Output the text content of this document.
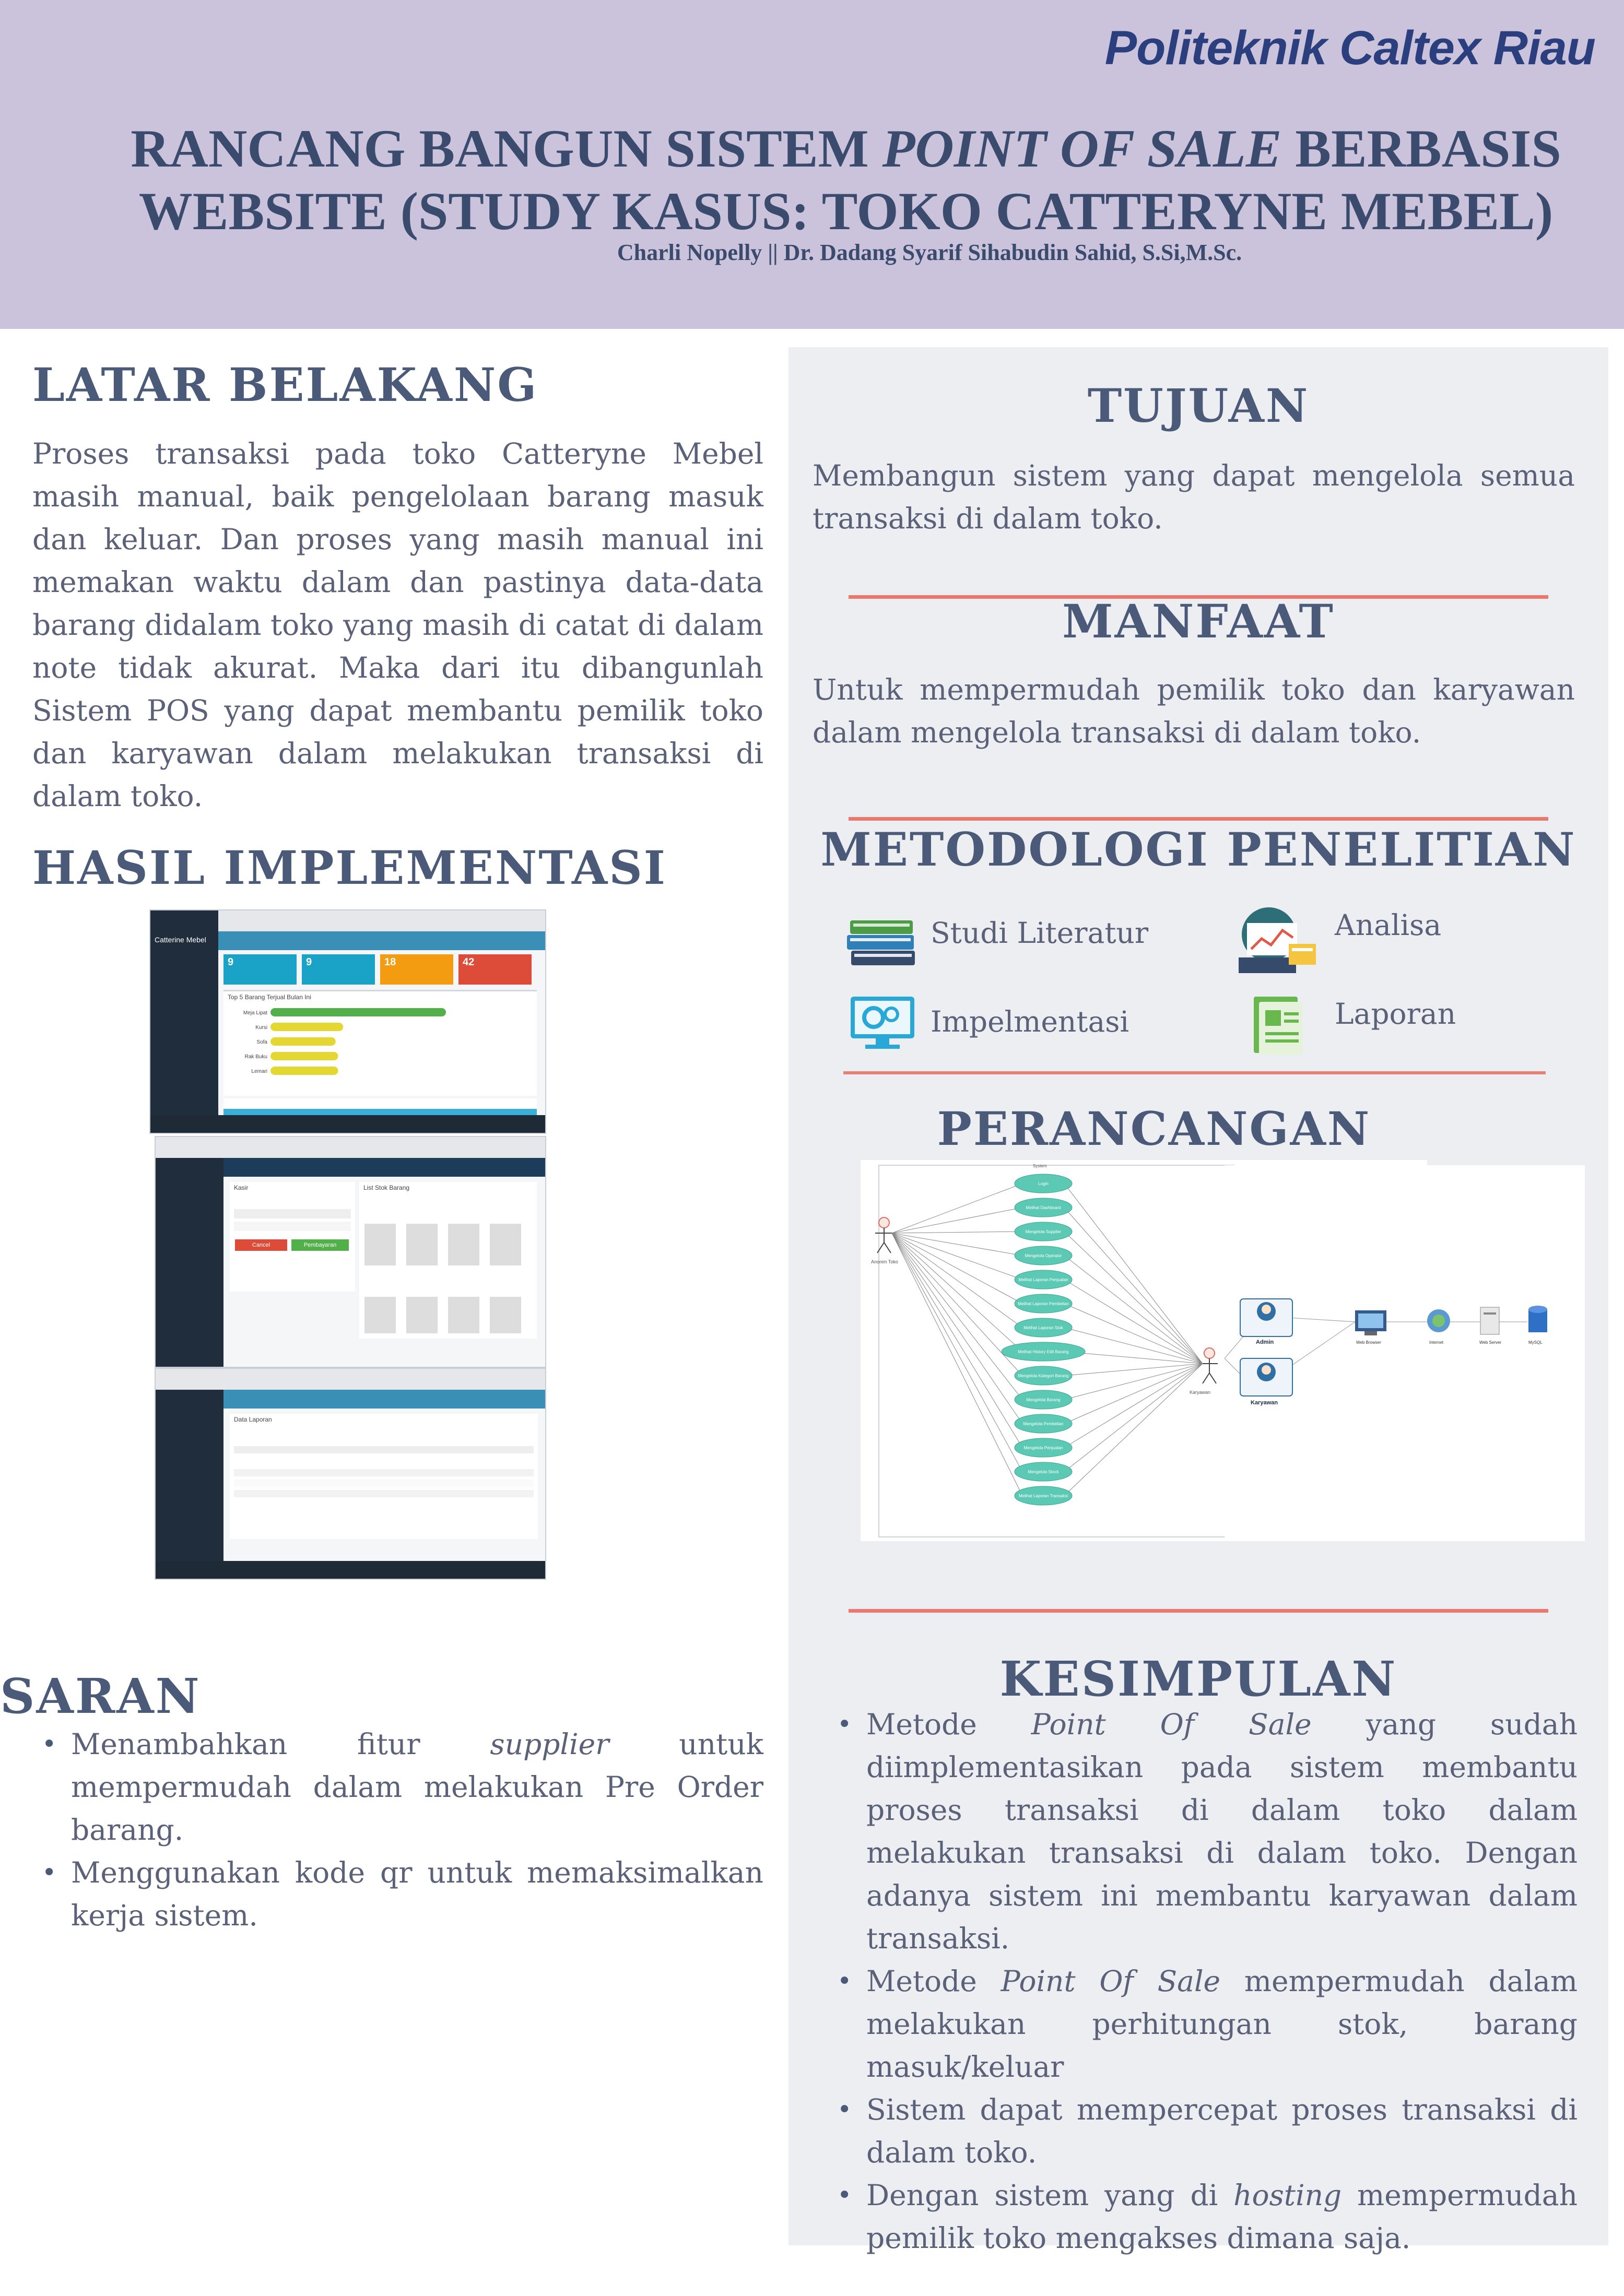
Politeknik Caltex Riau
RANCANG BANGUN SISTEM POINT OF SALE BERBASIS
WEBSITE (STUDY KASUS: TOKO CATTERYNE MEBEL)
Charli Nopelly || Dr. Dadang Syarif Sihabudin Sahid, S.Si,M.Sc.
LATAR BELAKANG
Proses transaksi pada toko Catteryne Mebel masih manual, baik pengelolaan barang masuk dan keluar. Dan proses yang masih manual ini memakan waktu dalam dan pastinya data-data barang didalam toko yang masih di catat di dalam note tidak akurat. Maka dari itu dibangunlah Sistem POS yang dapat membantu pemilik toko dan karyawan dalam melakukan transaksi di dalam toko.
HASIL IMPLEMENTASI
Catterine Mebel
Top 5 Barang Terjual Bulan Ini
Meja Lipat
Kursi
Sofa
Rak Buku
Lemari
9	9	18	42
Kasir
Cancel	Pembayaran
List Stok Barang
Data Laporan
SARAN
• Menambahkan fitur supplier untuk mempermudah dalam melakukan Pre Order barang.
• Menggunakan kode qr untuk memaksimalkan kerja sistem.
TUJUAN
Membangun sistem yang dapat mengelola semua transaksi di dalam toko.
MANFAAT
Untuk mempermudah pemilik toko dan karyawan dalam mengelola transaksi di dalam toko.
METODOLOGI PENELITIAN
Studi Literatur	Analisa
Impelmentasi	Laporan
PERANCANGAN
Anonim Toko
Karyawan
System
Login
Melihat Dashboard
Mengelola Supplier
Mengelola Operator
Melihat Laporan Penjualan
Melihat Laporan Pembelian
Melihat Laporan Stok
Melihat History Edit Barang
Mengelola Kategori Barang
Mengelola Barang
Mengelola Pembelian
Mengelola Penjualan
Mengelola Stock
Melihat Laporan Transaksi
Admin
Karyawan
Web Browser	Internet	Web Server	MySQL
KESIMPULAN
• Metode Point Of Sale yang sudah diimplementasikan pada sistem membantu proses transaksi di dalam toko dalam melakukan transaksi di dalam toko. Dengan adanya sistem ini membantu karyawan dalam transaksi.
• Metode Point Of Sale mempermudah dalam melakukan perhitungan stok, barang masuk/keluar
• Sistem dapat mempercepat proses transaksi di dalam toko.
• Dengan sistem yang di hosting mempermudah pemilik toko mengakses dimana saja.
